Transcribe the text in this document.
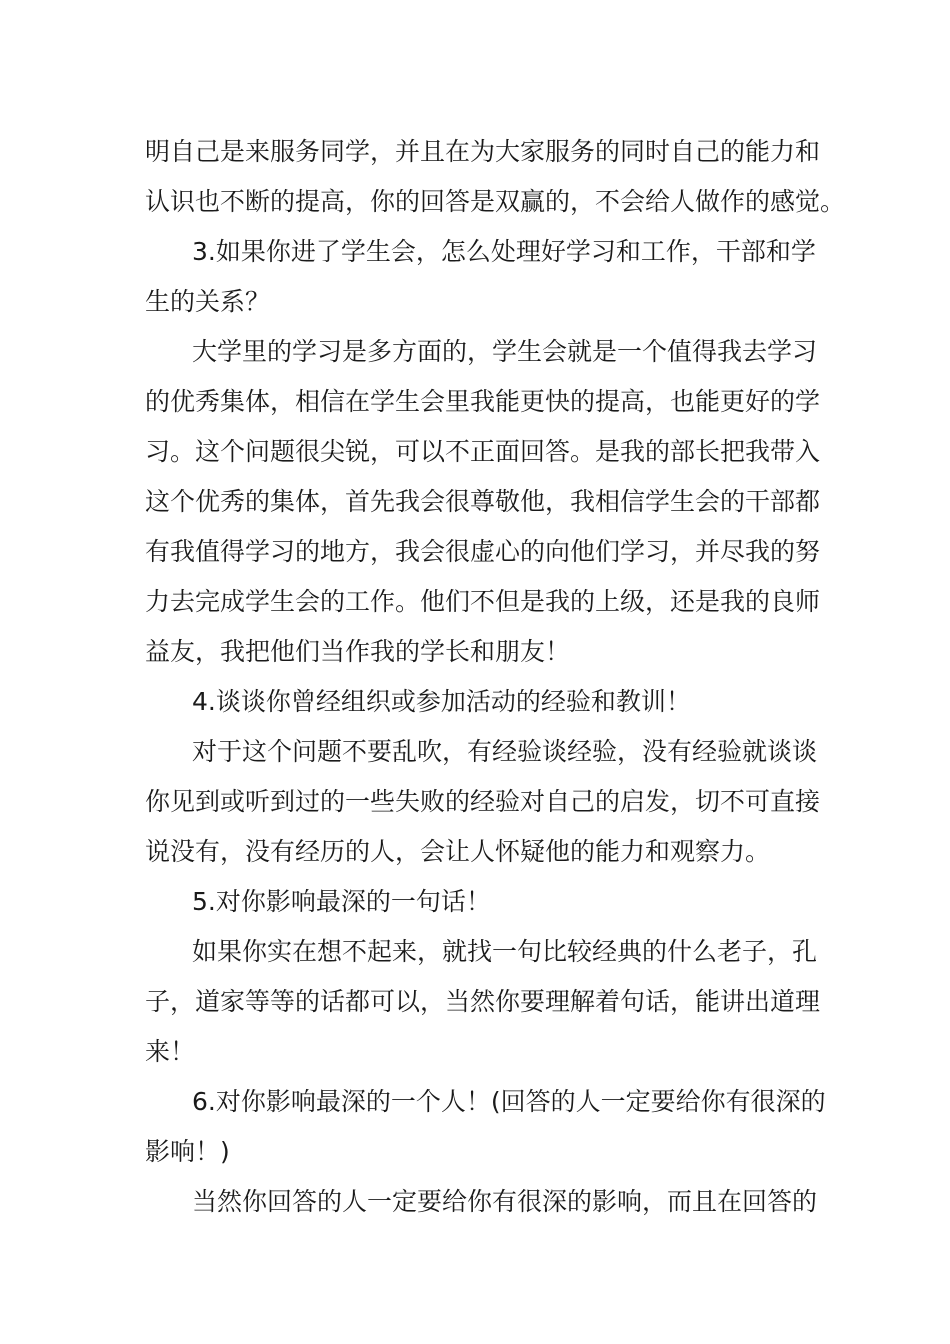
明自己是来服务同学，并且在为大家服务的同时自己的能力和

认识也不断的提高，你的回答是双赢的，不会给人做作的感觉。

3.如果你进了学生会，怎么处理好学习和工作，干部和学

生的关系？

大学里的学习是多方面的，学生会就是一个值得我去学习

的优秀集体，相信在学生会里我能更快的提高，也能更好的学

习。这个问题很尖锐，可以不正面回答。是我的部长把我带入

这个优秀的集体，首先我会很尊敬他，我相信学生会的干部都

有我值得学习的地方，我会很虚心的向他们学习，并尽我的努

力去完成学生会的工作。他们不但是我的上级，还是我的良师

益友，我把他们当作我的学长和朋友！

4.谈谈你曾经组织或参加活动的经验和教训！

对于这个问题不要乱吹，有经验谈经验，没有经验就谈谈

你见到或听到过的一些失败的经验对自己的启发，切不可直接

说没有，没有经历的人，会让人怀疑他的能力和观察力。

5.对你影响最深的一句话！

如果你实在想不起来，就找一句比较经典的什么老子，孔

子，道家等等的话都可以，当然你要理解着句话，能讲出道理

来！

6.对你影响最深的一个人！(回答的人一定要给你有很深的

影响！)

当然你回答的人一定要给你有很深的影响，而且在回答的
